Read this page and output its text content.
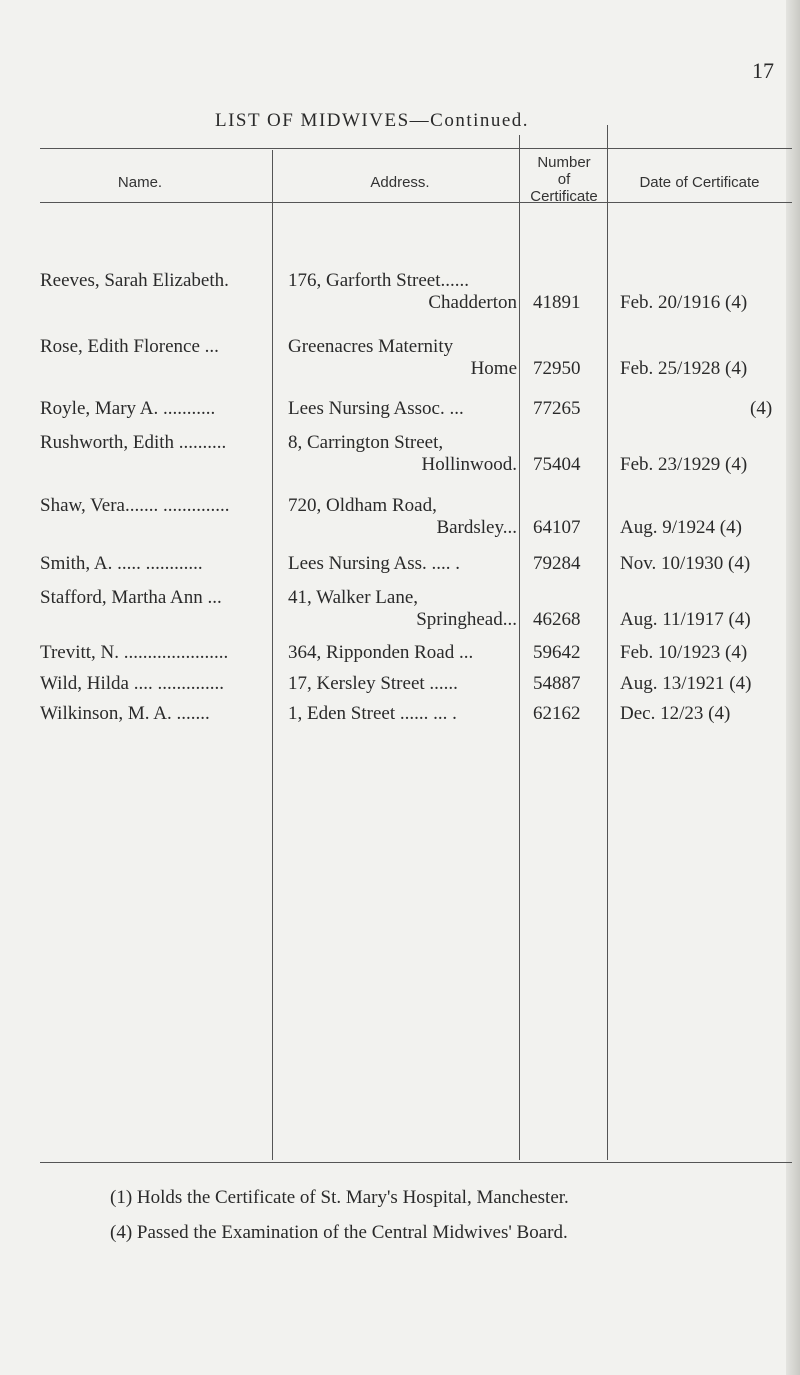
17
LIST OF MIDWIVES—Continued.
Name.	Address.
Number
of
Certificate
Date of Certificate
Reeves, Sarah Elizabeth.	176, Garforth Street......
Chadderton 41891 Feb. 20/1916 (4)
Rose, Edith Florence ...	Greenacres Maternity
Home 72950 Feb. 25/1928 (4)
Royle, Mary A. ...........	Lees Nursing Assoc. ...	77265	(4)
Rushworth, Edith ..........	8, Carrington Street,
Hollinwood. 75404 Feb. 23/1929 (4)
Shaw, Vera....... ..............	720, Oldham Road,
Bardsley... 64107 Aug. 9/1924 (4)
Smith, A. ..... ............	Lees Nursing Ass. .... .	79284 Nov. 10/1930 (4)
Stafford, Martha Ann ...	41, Walker Lane,
Springhead... 46268 Aug. 11/1917 (4)
Trevitt, N. ......................	364, Ripponden Road ...	59642 Feb. 10/1923 (4)
Wild, Hilda .... ..............	17, Kersley Street ......	54887 Aug. 13/1921 (4)
Wilkinson, M. A. .......	1, Eden Street ...... ... .	62162 Dec. 12/23 (4)
(1) Holds the Certificate of St. Mary's Hospital, Manchester.
(4) Passed the Examination of the Central Midwives' Board.
